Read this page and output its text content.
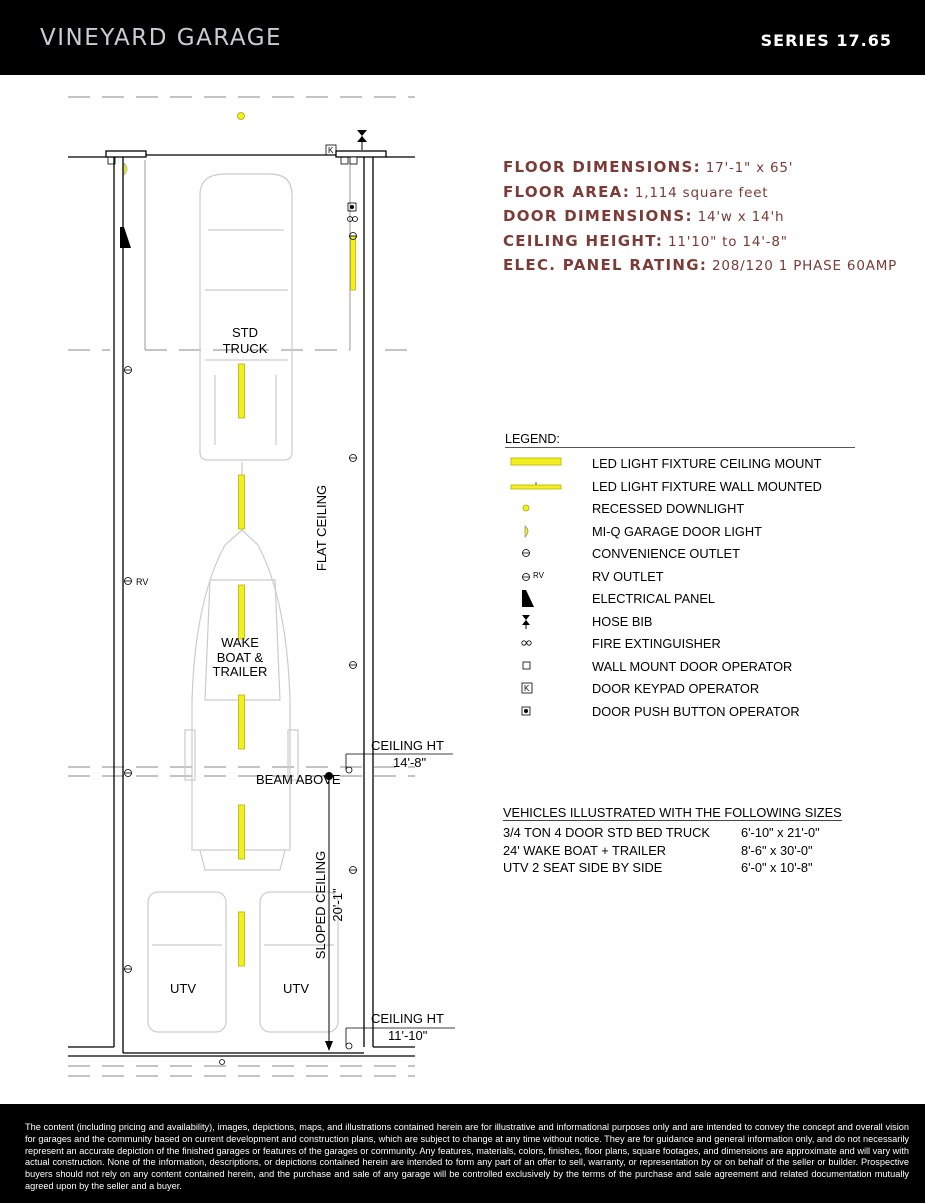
VINEYARD GARAGE	SERIES 17.65
RV
K
STD
TRUCK
WAKE
BOAT &
TRAILER
UTV	UTV
FLAT CEILING
SLOPED CEILING 20'-1"
BEAM ABOVE
CEILING HT
14'-8"
CEILING HT
11'-10"
FLOOR DIMENSIONS: 17'-1" x 65'
FLOOR AREA: 1,114 square feet
DOOR DIMENSIONS: 14'w x 14'h
CEILING HEIGHT: 11'10" to 14'-8"
ELEC. PANEL RATING: 208/120 1 PHASE 60AMP
LEGEND:
LED LIGHT FIXTURE CEILING MOUNT
LED LIGHT FIXTURE WALL MOUNTED
RECESSED DOWNLIGHT
MI-Q GARAGE DOOR LIGHT
CONVENIENCE OUTLET
RV	RV OUTLET
ELECTRICAL PANEL
HOSE BIB
FIRE EXTINGUISHER
WALL MOUNT DOOR OPERATOR
K	DOOR KEYPAD OPERATOR
DOOR PUSH BUTTON OPERATOR
VEHICLES ILLUSTRATED WITH THE FOLLOWING SIZES
3/4 TON 4 DOOR STD BED TRUCK 6'-10" x 21'-0"
24' WAKE BOAT + TRAILER	8'-6" x 30'-0"
UTV 2 SEAT SIDE BY SIDE	6'-0" x 10'-8"
The content (including pricing and availability), images, depictions, maps, and illustrations contained herein are for illustrative and informational purposes only and are intended to convey the concept and overall vision for garages and the community based on current development and construction plans, which are subject to change at any time without notice. They are for guidance and general information only, and do not necessarily represent an accurate depiction of the finished garages or features of the garages or community. Any features, materials, colors, finishes, floor plans, square footages, and dimensions are approximate and will vary with actual construction. None of the information, descriptions, or depictions contained herein are intended to form any part of an offer to sell, warranty, or representation by or on behalf of the seller or builder. Prospective buyers should not rely on any content contained herein, and the purchase and sale of any garage will be controlled exclusively by the terms of the purchase and sale agreement and related documentation mutually agreed upon by the seller and a buyer.
